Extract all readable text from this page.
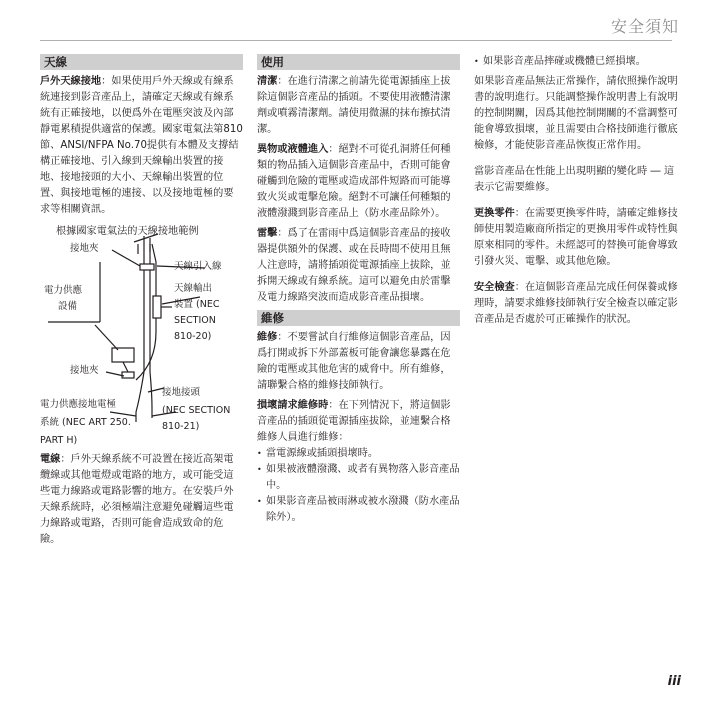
安全須知
天線

戶外天線接地：如果使用戶外天線或有線系統連接到影音產品上，請確定天線或有線系統有正確接地，以便爲外在電壓突波及內部靜電累積提供適當的保護。國家電氣法第810節、ANSI/NFPA No.70提供有本體及支撐結構正確接地、引入線到天線輸出裝置的接地、接地接頭的大小、天線輸出裝置的位置、與接地電極的連接、以及接地電極的要求等相關資訊。

根據國家電氣法的天線接地範例
接地夾
天線引入線
電力供應
設備
天線輸出
裝置 (NEC
SECTION
810-20)
接地夾
接地接頭
(NEC SECTION
810-21)
電力供應接地電極
系統 (NEC ART 250.
PART H)

電線：戶外天線系統不可設置在接近高架電纜線或其他電燈或電路的地方，或可能受這些電力線路或電路影響的地方。在安裝戶外天線系統時，必須極端注意避免碰觸這些電力線路或電路，否則可能會造成致命的危險。

使用

清潔：在進行清潔之前請先從電源插座上拔除這個影音產品的插頭。不要使用液體清潔劑或噴霧清潔劑。請使用微濕的抹布擦拭清潔。

異物或液體進入：絕對不可從孔洞將任何種類的物品插入這個影音產品中，否則可能會碰觸到危險的電壓或造成部件短路而可能導致火災或電擊危險。絕對不可讓任何種類的液體潑濺到影音產品上（防水產品除外）。

雷擊：爲了在雷雨中爲這個影音產品的接收器提供額外的保護、或在長時間不使用且無人注意時，請將插頭從電源插座上拔除，並拆開天線或有線系統。這可以避免由於雷擊及電力線路突波而造成影音產品損壞。

維修

維修：不要嘗試自行維修這個影音產品，因爲打開或拆下外部蓋板可能會讓您暴露在危險的電壓或其他危害的威脅中。所有維修，請聯繫合格的維修技師執行。

損壞請求維修時：在下列情況下，將這個影音產品的插頭從電源插座拔除，並連繫合格維修人員進行維修：

• 當電源線或插頭損壞時。
• 如果被液體潑濺、或者有異物落入影音產品中。
• 如果影音產品被雨淋或被水潑濺（防水產品除外）。
• 如果影音產品摔碰或機體已經損壞。

如果影音產品無法正常操作，請依照操作說明書的說明進行。只能調整操作說明書上有說明的控制開關，因爲其他控制開關的不當調整可能會導致損壞，並且需要由合格技師進行徹底檢修，才能使影音產品恢復正常作用。

當影音產品在性能上出現明顯的變化時 ― 這表示它需要維修。

更換零件：在需要更換零件時，請確定維修技師使用製造廠商所指定的更換用零件或特性與原來相同的零件。未經認可的替換可能會導致引發火災、電擊、或其他危險。

安全檢查：在這個影音產品完成任何保養或修理時，請要求維修技師執行安全檢查以確定影音產品是否處於可正確操作的狀況。

iii
